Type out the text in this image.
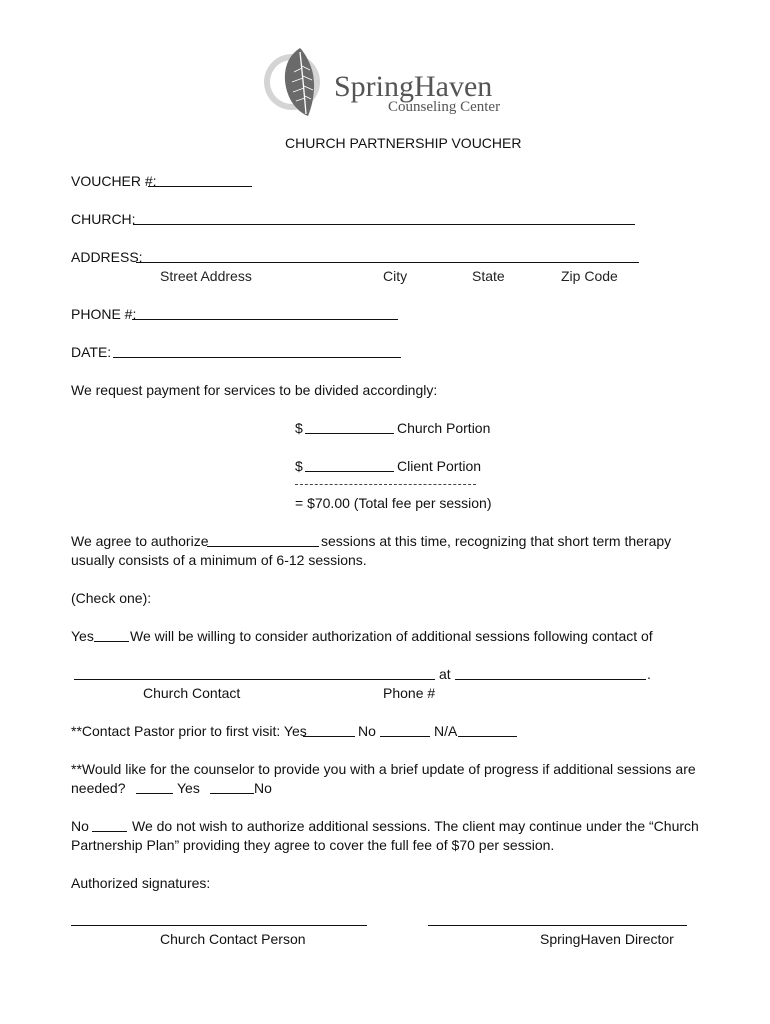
SpringHaven
Counseling Center
CHURCH PARTNERSHIP VOUCHER
VOUCHER #:
CHURCH:
ADDRESS:
Street Address	City	State	Zip Code
PHONE #:
DATE:
We request payment for services to be divided accordingly:
$	Church Portion
$	Client Portion
= $70.00 (Total fee per session)
We agree to authorize	sessions at this time, recognizing that short term therapy
usually consists of a minimum of 6-12 sessions.
(Check one):
Yes	We will be willing to consider authorization of additional sessions following contact of
at	.
Church Contact	Phone #
**Contact Pastor prior to first visit: Yes	No	N/A
**Would like for the counselor to provide you with a brief update of progress if additional sessions are
needed?	Yes	No
No	We do not wish to authorize additional sessions. The client may continue under the “Church
Partnership Plan” providing they agree to cover the full fee of $70 per session.
Authorized signatures:
Church Contact Person	SpringHaven Director
